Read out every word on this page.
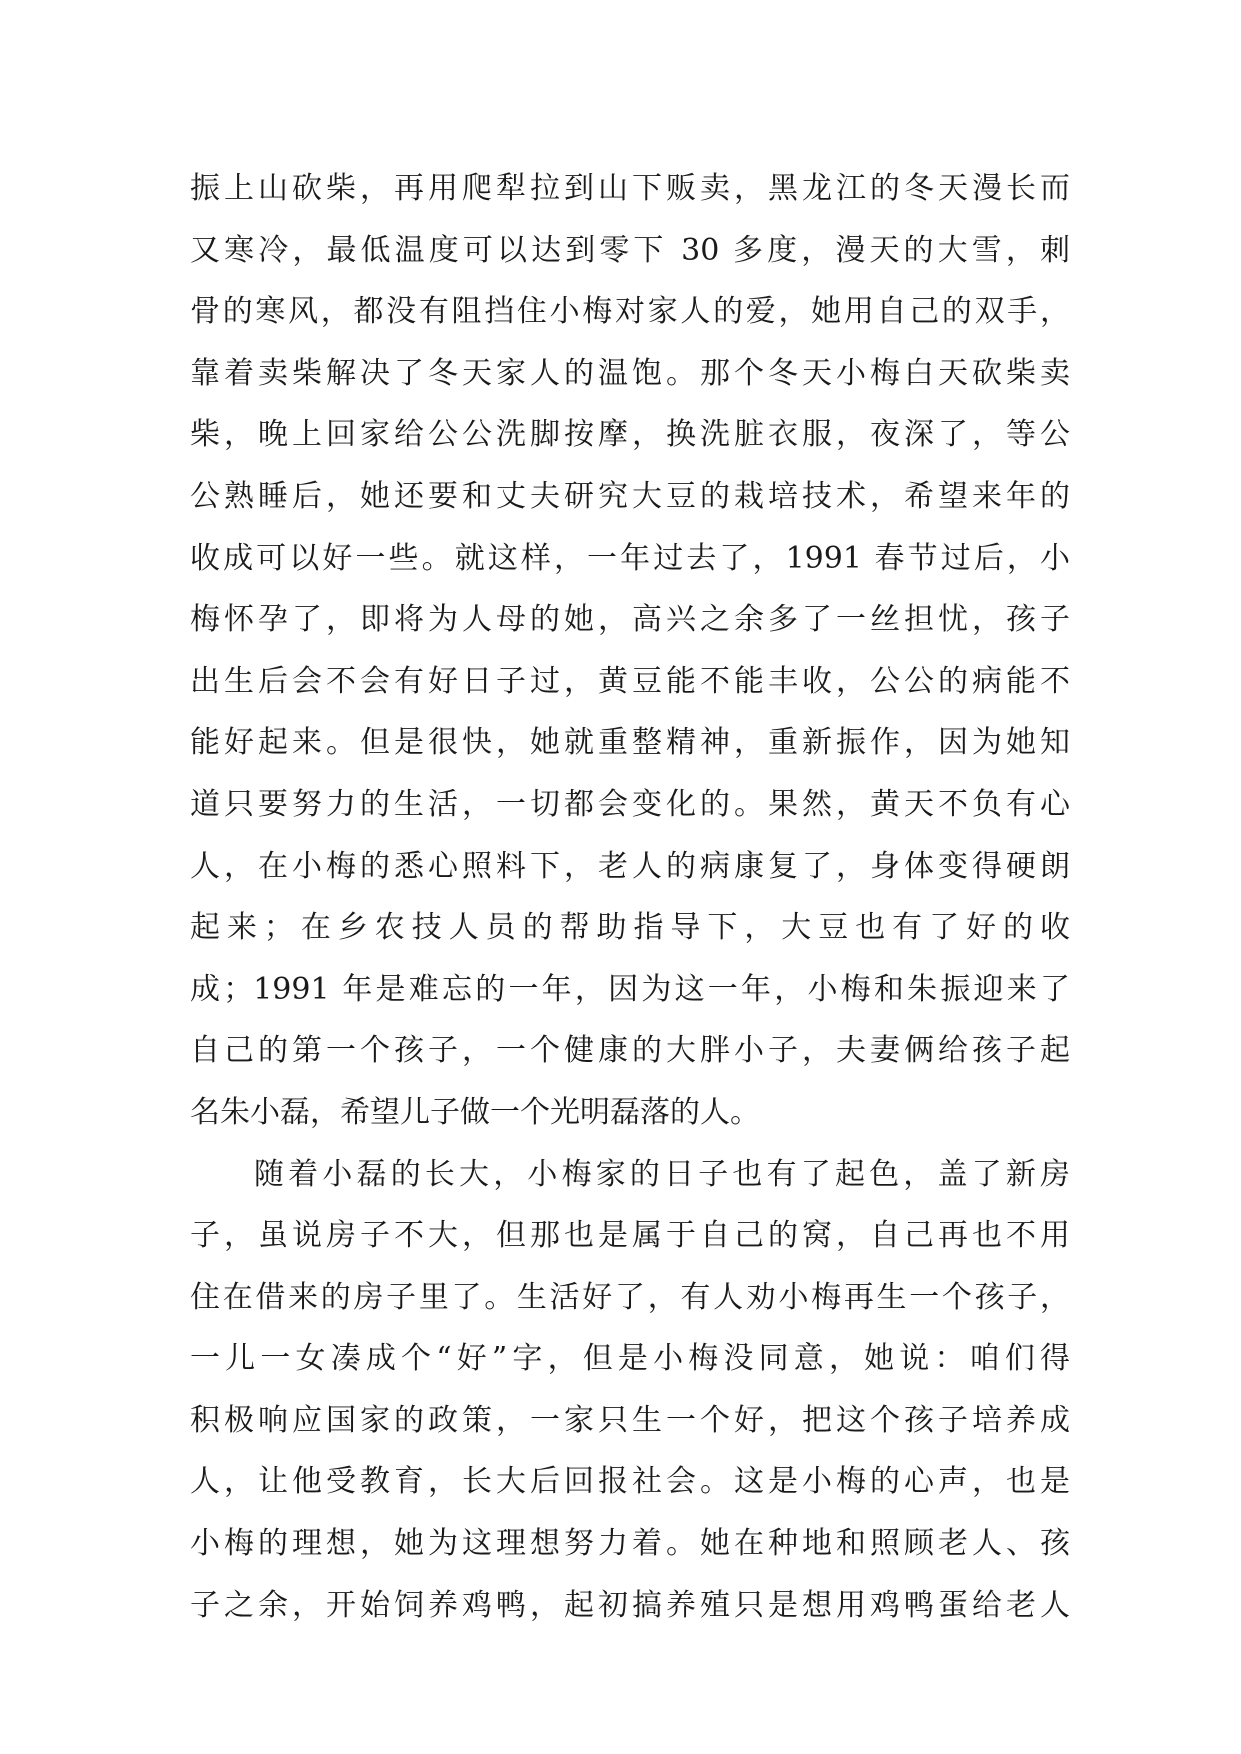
振上山砍柴，再用爬犁拉到山下贩卖，黑龙江的冬天漫长而
又寒冷，最低温度可以达到零下 30 多度，漫天的大雪，刺
骨的寒风，都没有阻挡住小梅对家人的爱，她用自己的双手，
靠着卖柴解决了冬天家人的温饱。那个冬天小梅白天砍柴卖
柴，晚上回家给公公洗脚按摩，换洗脏衣服，夜深了，等公
公熟睡后，她还要和丈夫研究大豆的栽培技术，希望来年的
收成可以好一些。就这样，一年过去了，1991 春节过后，小
梅怀孕了，即将为人母的她，高兴之余多了一丝担忧，孩子
出生后会不会有好日子过，黄豆能不能丰收，公公的病能不
能好起来。但是很快，她就重整精神，重新振作，因为她知
道只要努力的生活，一切都会变化的。果然，黄天不负有心
人，在小梅的悉心照料下，老人的病康复了，身体变得硬朗
起来；在乡农技人员的帮助指导下，大豆也有了好的收
成；1991 年是难忘的一年，因为这一年，小梅和朱振迎来了
自己的第一个孩子，一个健康的大胖小子，夫妻俩给孩子起
名朱小磊，希望儿子做一个光明磊落的人。
随着小磊的长大，小梅家的日子也有了起色，盖了新房
子，虽说房子不大，但那也是属于自己的窝，自己再也不用
住在借来的房子里了。生活好了，有人劝小梅再生一个孩子，
一儿一女凑成个“好”字，但是小梅没同意，她说：咱们得
积极响应国家的政策，一家只生一个好，把这个孩子培养成
人，让他受教育，长大后回报社会。这是小梅的心声，也是
小梅的理想，她为这理想努力着。她在种地和照顾老人、孩
子之余，开始饲养鸡鸭，起初搞养殖只是想用鸡鸭蛋给老人
